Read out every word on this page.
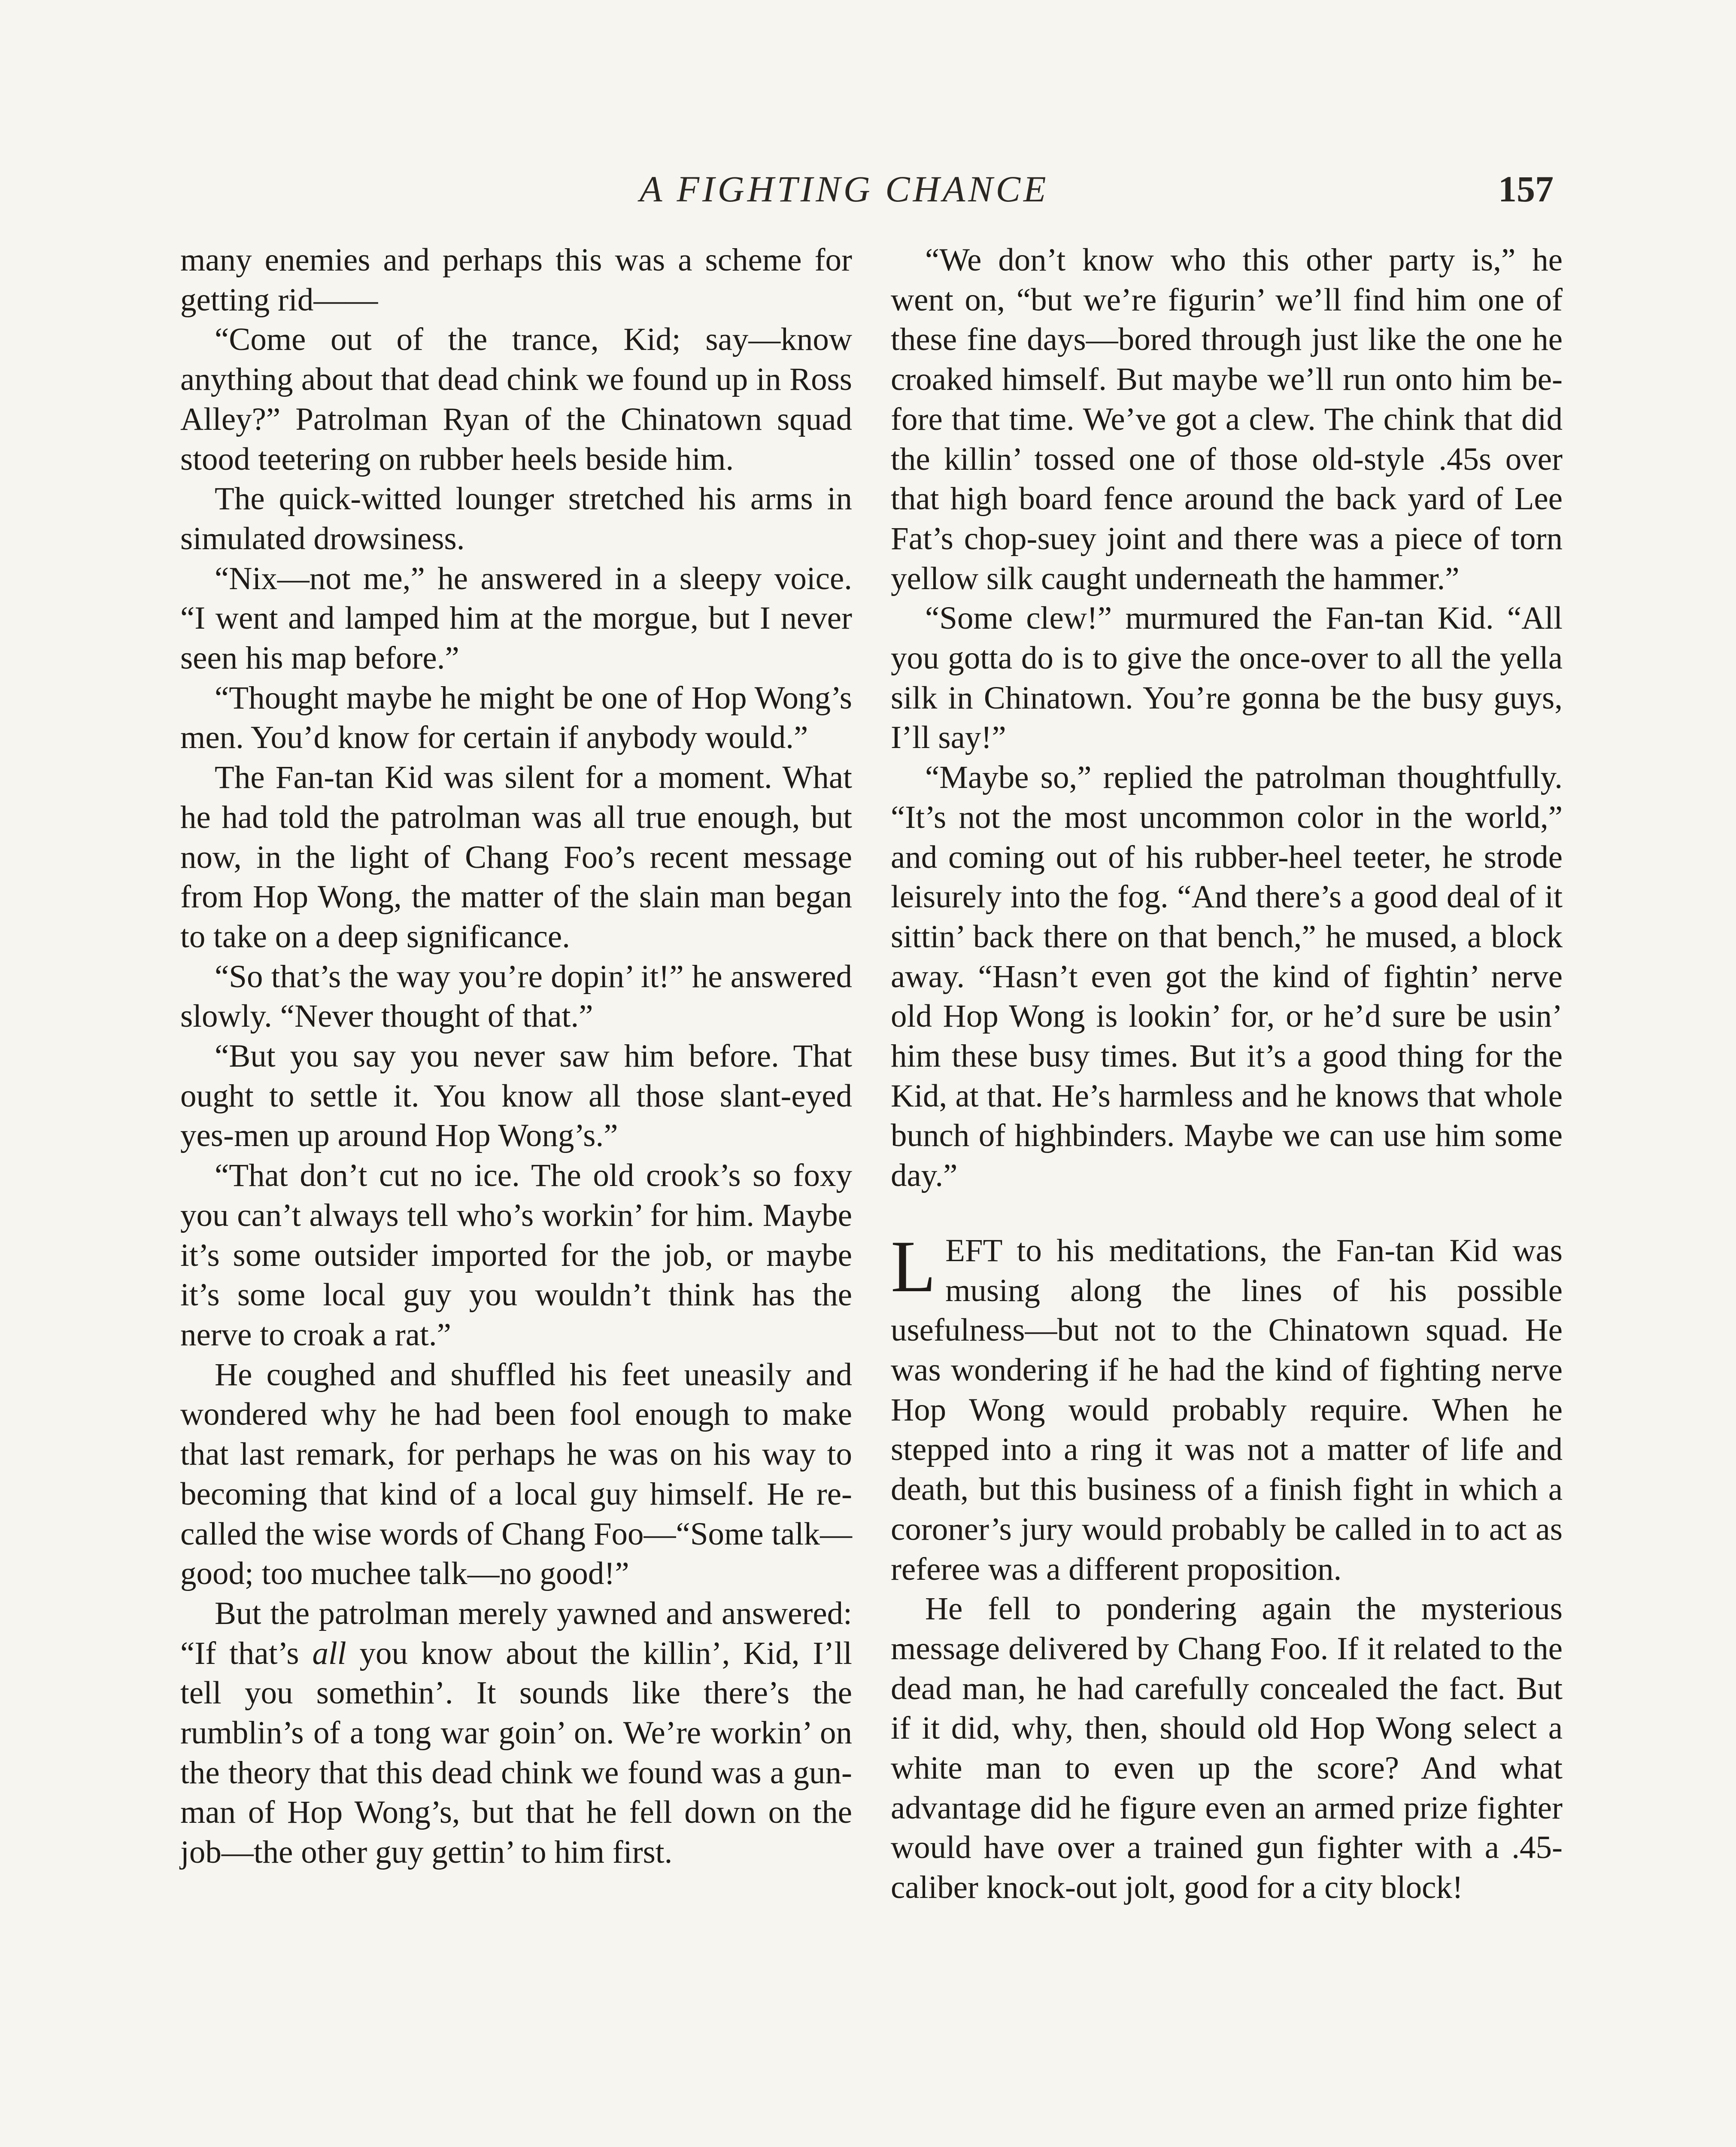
A FIGHTING CHANCE	157

many enemies and perhaps this was a scheme for getting rid——

“Come out of the trance, Kid; say—know anything about that dead chink we found up in Ross Alley?” Patrolman Ryan of the Chinatown squad stood teetering on rubber heels beside him.

The quick-witted lounger stretched his arms in simulated drowsiness.

“Nix—not me,” he answered in a sleepy voice. “I went and lamped him at the morgue, but I never seen his map before.”

“Thought maybe he might be one of Hop Wong’s men. You’d know for certain if anybody would.”

The Fan-tan Kid was silent for a moment. What he had told the patrolman was all true enough, but now, in the light of Chang Foo’s recent message from Hop Wong, the matter of the slain man began to take on a deep significance.

“So that’s the way you’re dopin’ it!” he answered slowly. “Never thought of that.”

“But you say you never saw him before. That ought to settle it. You know all those slant-eyed yes-men up around Hop Wong’s.”

“That don’t cut no ice. The old crook’s so foxy you can’t always tell who’s workin’ for him. Maybe it’s some outsider imported for the job, or maybe it’s some local guy you wouldn’t think has the nerve to croak a rat.”

He coughed and shuffled his feet uneasily and wondered why he had been fool enough to make that last remark, for perhaps he was on his way to becoming that kind of a local guy himself. He recalled the wise words of Chang Foo—“Some talk—good; too muchee talk—no good!”

But the patrolman merely yawned and answered: “If that’s all you know about the killin’, Kid, I’ll tell you somethin’. It sounds like there’s the rumblin’s of a tong war goin’ on. We’re workin’ on the theory that this dead chink we found was a gunman of Hop Wong’s, but that he fell down on the job—the other guy gettin’ to him first.

“We don’t know who this other party is,” he went on, “but we’re figurin’ we’ll find him one of these fine days—bored through just like the one he croaked himself. But maybe we’ll run onto him before that time. We’ve got a clew. The chink that did the killin’ tossed one of those old-style .45s over that high board fence around the back yard of Lee Fat’s chop-suey joint and there was a piece of torn yellow silk caught underneath the hammer.”

“Some clew!” murmured the Fan-tan Kid. “All you gotta do is to give the once-over to all the yella silk in Chinatown. You’re gonna be the busy guys, I’ll say!”

“Maybe so,” replied the patrolman thoughtfully. “It’s not the most uncommon color in the world,” and coming out of his rubber-heel teeter, he strode leisurely into the fog. “And there’s a good deal of it sittin’ back there on that bench,” he mused, a block away. “Hasn’t even got the kind of fightin’ nerve old Hop Wong is lookin’ for, or he’d sure be usin’ him these busy times. But it’s a good thing for the Kid, at that. He’s harmless and he knows that whole bunch of highbinders. Maybe we can use him some day.”

LEFT to his meditations, the Fan-tan Kid was musing along the lines of his possible usefulness—but not to the Chinatown squad. He was wondering if he had the kind of fighting nerve Hop Wong would probably require. When he stepped into a ring it was not a matter of life and death, but this business of a finish fight in which a coroner’s jury would probably be called in to act as referee was a different proposition.

He fell to pondering again the mysterious message delivered by Chang Foo. If it related to the dead man, he had carefully concealed the fact. But if it did, why, then, should old Hop Wong select a white man to even up the score? And what advantage did he figure even an armed prize fighter would have over a trained gun fighter with a .45-caliber knock-out jolt, good for a city block!
